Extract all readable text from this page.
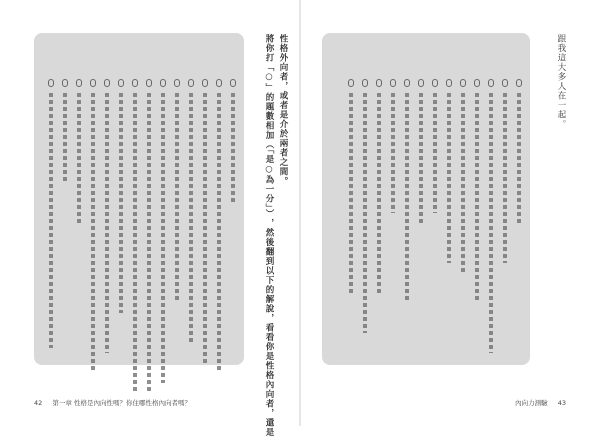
性格外向者，或者是介於兩者之間。
將你打「○」的題數相加（「是○為一分」），然後翻到以下的解說，看看你是性格內向者，還是
42 第一章 性格是內向性嗎？你住哪性格內向者嗎？
跟我這大多人在一起。
內向力測驗 43
